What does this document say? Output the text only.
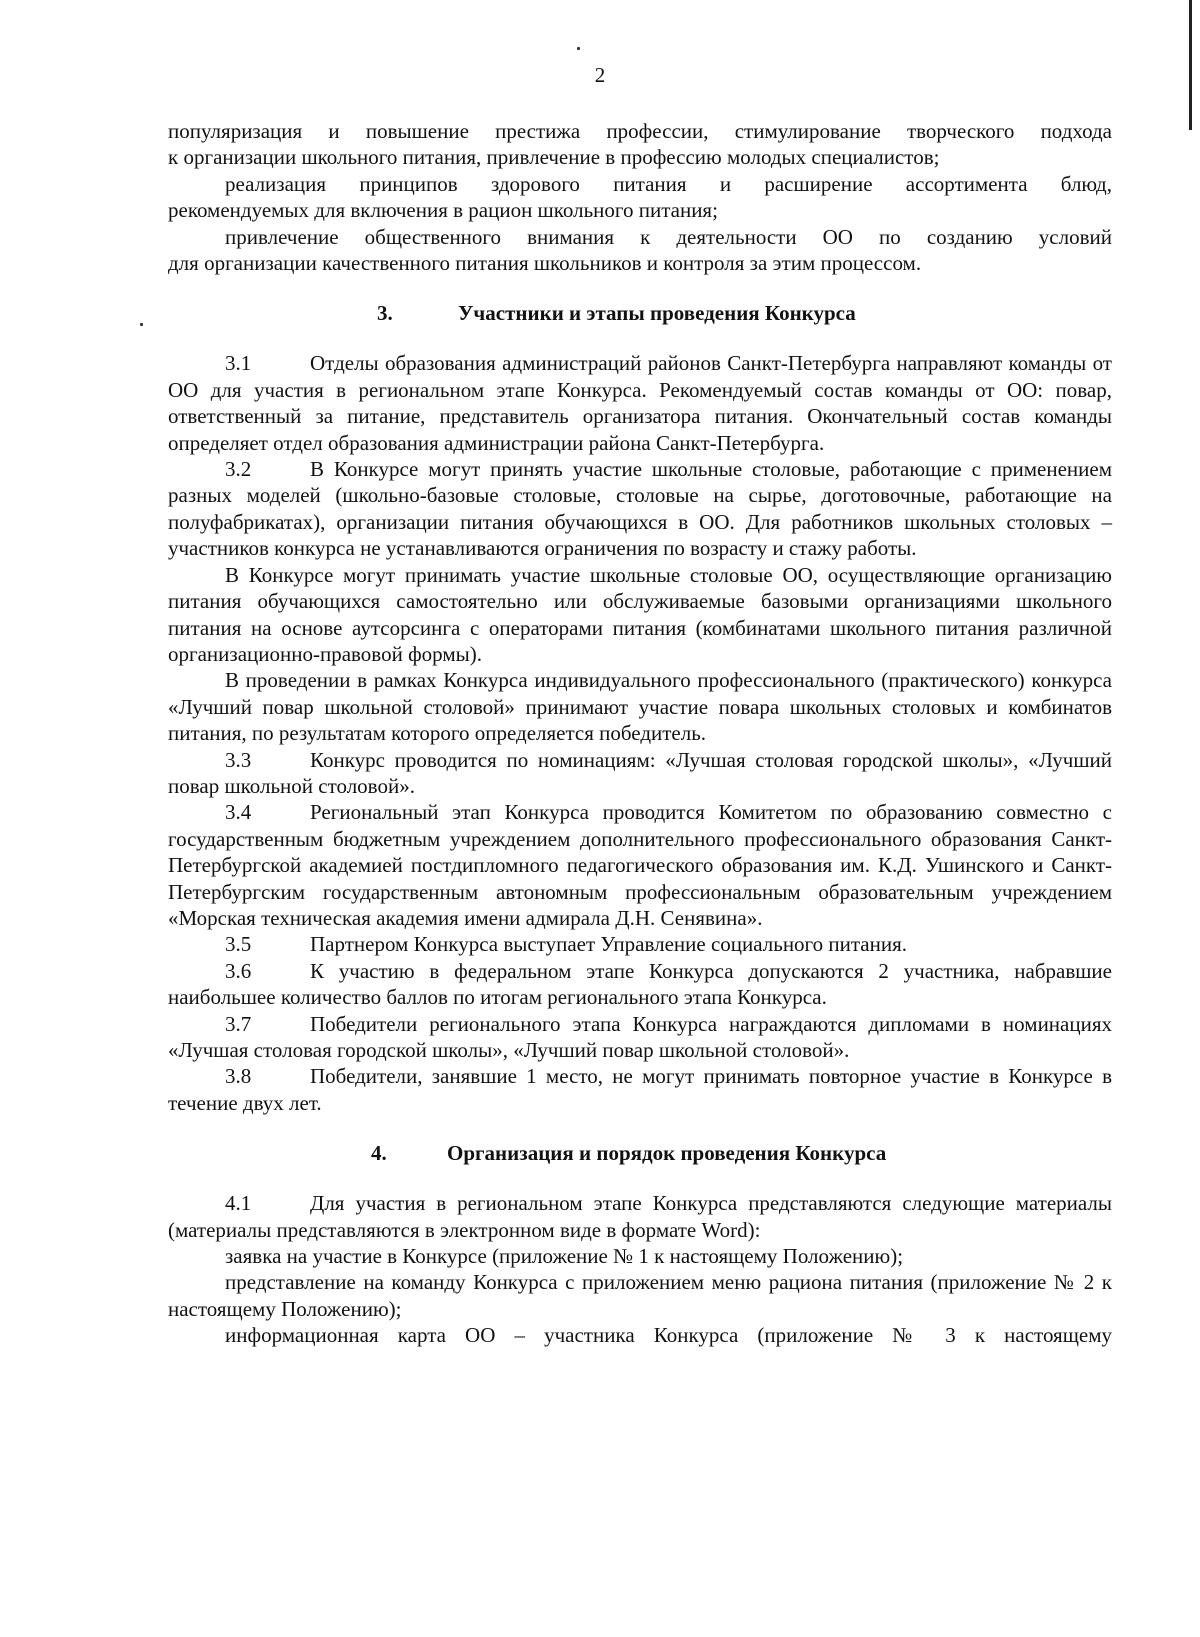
2

популяризация и повышение престижа профессии, стимулирование творческого подхода

к организации школьного питания, привлечение в профессию молодых специалистов;

реализация принципов здорового питания и расширение ассортимента блюд,

рекомендуемых для включения в рацион школьного питания;

привлечение общественного внимания к деятельности ОО по созданию условий

для организации качественного питания школьников и контроля за этим процессом.

3.	Участники и этапы проведения Конкурса

3.1	Отделы образования администраций районов Санкт-Петербурга направляют команды от ОО для участия в региональном этапе Конкурса. Рекомендуемый состав команды от ОО: повар, ответственный за питание, представитель организатора питания. Окончательный состав команды определяет отдел образования администрации района Санкт-Петербурга.

3.2	В Конкурсе могут принять участие школьные столовые, работающие с применением разных моделей (школьно-базовые столовые, столовые на сырье, доготовочные, работающие на полуфабрикатах), организации питания обучающихся в ОО. Для работников школьных столовых – участников конкурса не устанавливаются ограничения по возрасту и стажу работы.

В Конкурсе могут принимать участие школьные столовые ОО, осуществляющие организацию питания обучающихся самостоятельно или обслуживаемые базовыми организациями школьного питания на основе аутсорсинга с операторами питания (комбинатами школьного питания различной организационно-правовой формы).

В проведении в рамках Конкурса индивидуального профессионального (практического) конкурса «Лучший повар школьной столовой» принимают участие повара школьных столовых и комбинатов питания, по результатам которого определяется победитель.

3.3	Конкурс проводится по номинациям: «Лучшая столовая городской школы», «Лучший повар школьной столовой».

3.4	Региональный этап Конкурса проводится Комитетом по образованию совместно с государственным бюджетным учреждением дополнительного профессионального образования Санкт-Петербургской академией постдипломного педагогического образования им. К.Д. Ушинского и Санкт-Петербургским государственным автономным профессиональным образовательным учреждением «Морская техническая академия имени адмирала Д.Н. Сенявина».

3.5	Партнером Конкурса выступает Управление социального питания.

3.6	К участию в федеральном этапе Конкурса допускаются 2 участника, набравшие наибольшее количество баллов по итогам регионального этапа Конкурса.

3.7	Победители регионального этапа Конкурса награждаются дипломами в номинациях «Лучшая столовая городской школы», «Лучший повар школьной столовой».

3.8	Победители, занявшие 1 место, не могут принимать повторное участие в Конкурсе в течение двух лет.

4.	Организация и порядок проведения Конкурса

4.1	Для участия в региональном этапе Конкурса представляются следующие материалы (материалы представляются в электронном виде в формате Word):

заявка на участие в Конкурсе (приложение № 1 к настоящему Положению);

представление на команду Конкурса с приложением меню рациона питания (приложение № 2 к настоящему Положению);

информационная карта ОО – участника Конкурса (приложение № 3 к настоящему
